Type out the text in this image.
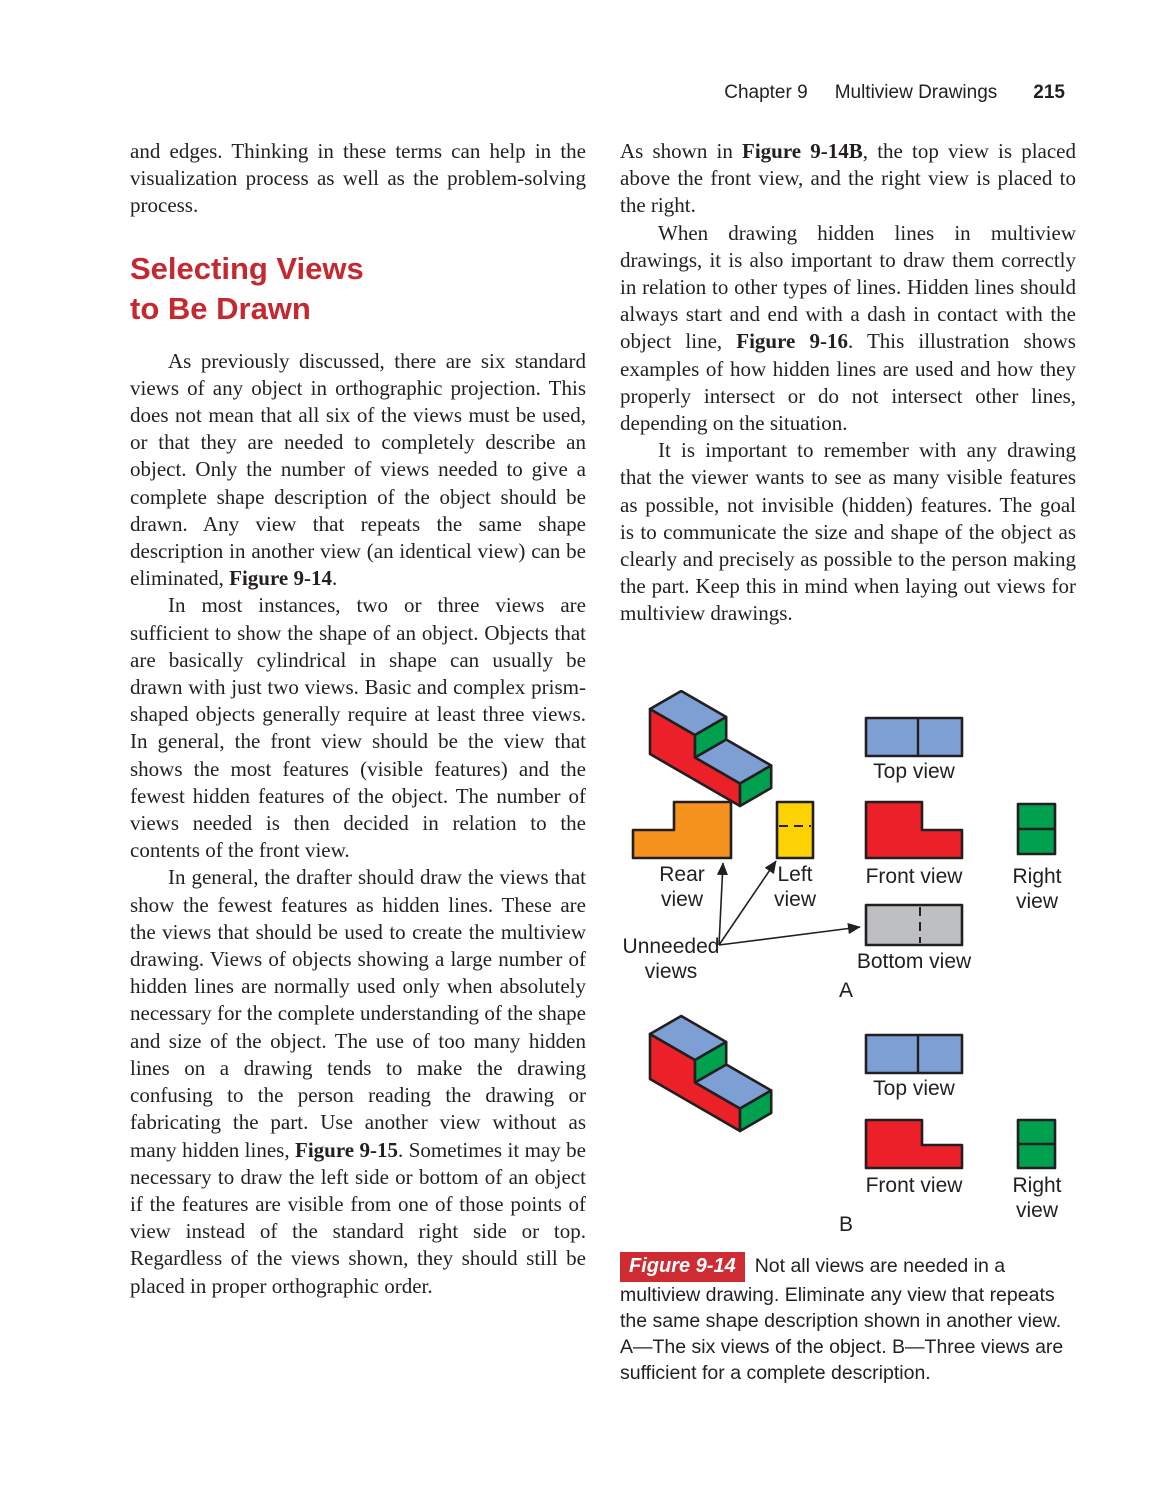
Chapter 9 Multiview Drawings 215

and edges. Thinking in these terms can help in the visualization process as well as the problem-solving process.

Selecting Views
to Be Drawn

As previously discussed, there are six standard views of any object in orthographic projection. This does not mean that all six of the views must be used, or that they are needed to completely describe an object. Only the number of views needed to give a complete shape description of the object should be drawn. Any view that repeats the same shape description in another view (an identical view) can be eliminated, Figure 9-14.

In most instances, two or three views are sufficient to show the shape of an object. Objects that are basically cylindrical in shape can usually be drawn with just two views. Basic and complex prism-shaped objects generally require at least three views. In general, the front view should be the view that shows the most features (visible features) and the fewest hidden features of the object. The number of views needed is then decided in relation to the contents of the front view.

In general, the drafter should draw the views that show the fewest features as hidden lines. These are the views that should be used to create the multiview drawing. Views of objects showing a large number of hidden lines are normally used only when absolutely necessary for the complete understanding of the shape and size of the object. The use of too many hidden lines on a drawing tends to make the drawing confusing to the person reading the drawing or fabricating the part. Use another view without as many hidden lines, Figure 9-15. Sometimes it may be necessary to draw the left side or bottom of an object if the features are visible from one of those points of view instead of the standard right side or top. Regardless of the views shown, they should still be placed in proper orthographic order.

As shown in Figure 9-14B, the top view is placed above the front view, and the right view is placed to the right.

When drawing hidden lines in multiview drawings, it is also important to draw them correctly in relation to other types of lines. Hidden lines should always start and end with a dash in contact with the object line, Figure 9-16. This illustration shows examples of how hidden lines are used and how they properly intersect or do not intersect other lines, depending on the situation.

It is important to remember with any drawing that the viewer wants to see as many visible features as possible, not invisible (hidden) features. The goal is to communicate the size and shape of the object as clearly and precisely as possible to the person making the part. Keep this in mind when laying out views for multiview drawings.

Top view
Rear view
Left view
Front view	Right view
Bottom view
Unneeded views
A
Top view
Front view	Right view
B

Figure 9-14 Not all views are needed in a multiview drawing. Eliminate any view that repeats the same shape description shown in another view. A—The six views of the object. B—Three views are sufficient for a complete description.
